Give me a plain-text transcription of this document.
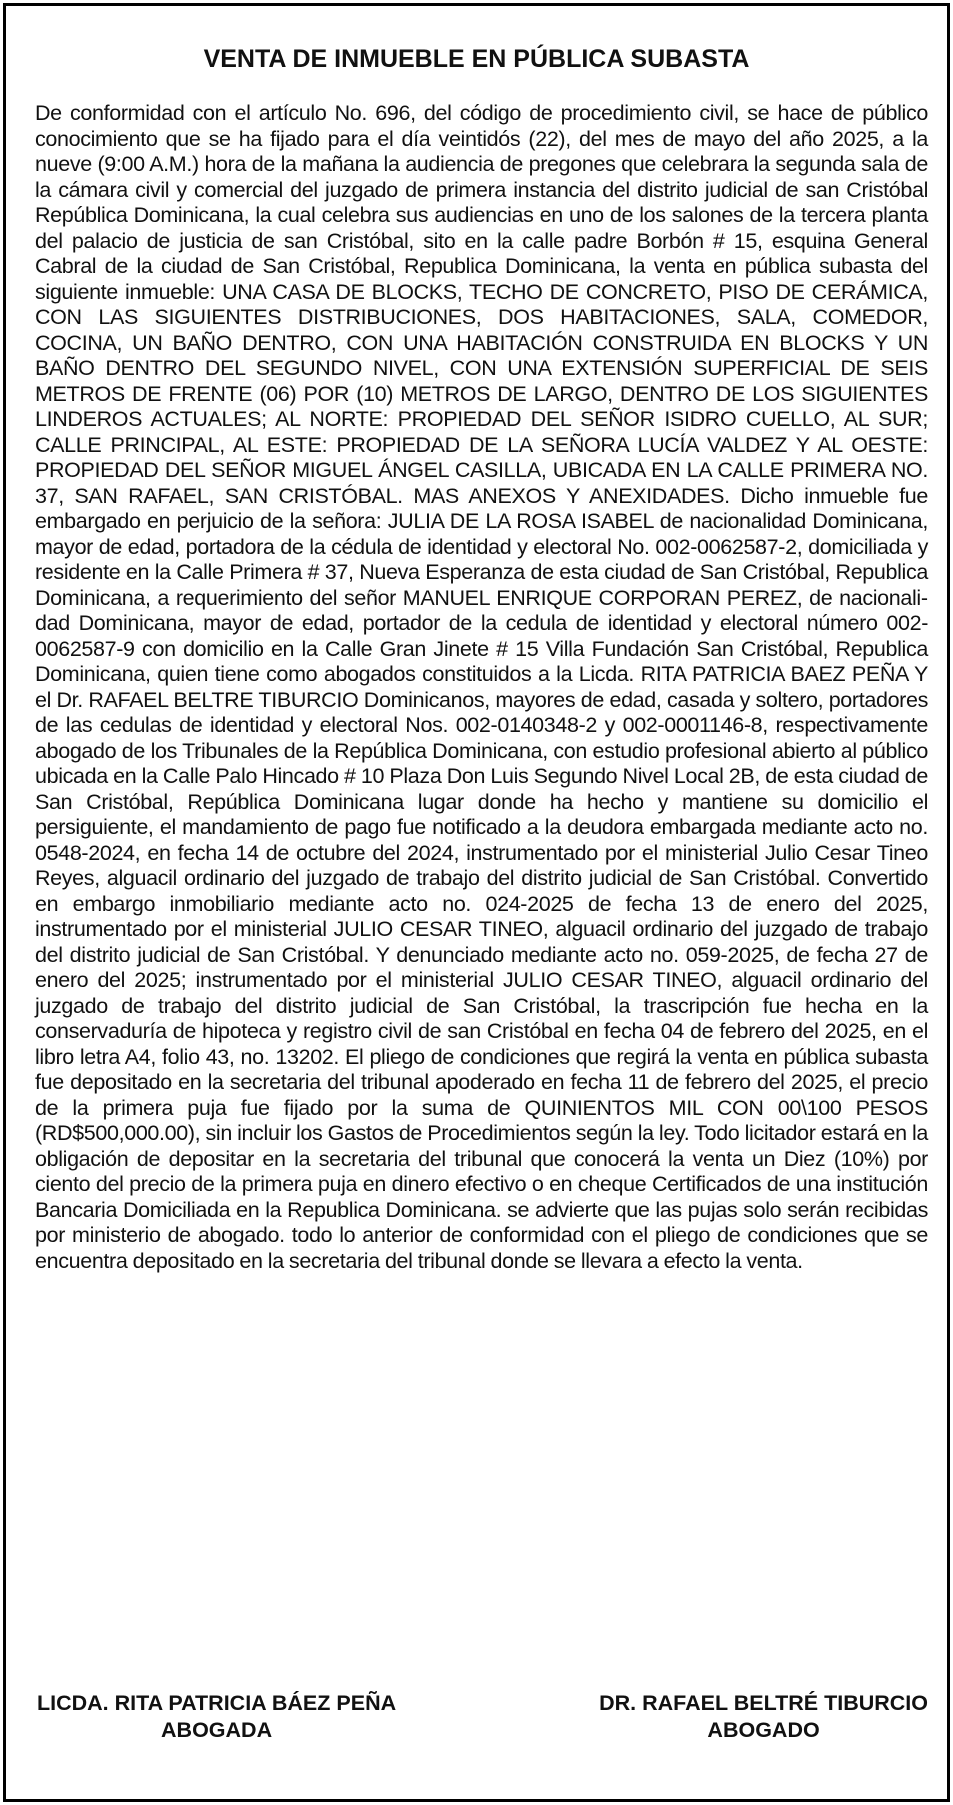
VENTA DE INMUEBLE EN PÚBLICA SUBASTA

De conformidad con el artículo No. 696, del código de procedimiento civil, se hace de público conocimiento que se ha fijado para el día veintidós (22), del mes de mayo del año 2025, a la nueve (9:00 A.M.) hora de la mañana la audiencia de pregones que celebrara la segunda sala de la cámara civil y comercial del juzgado de primera instancia del distrito judicial de san Cristóbal República Dominicana, la cual celebra sus audiencias en uno de los salones de la tercera planta del palacio de justicia de san Cristóbal, sito en la calle padre Borbón # 15, esquina General Cabral de la ciudad de San Cristóbal, Republica Dominicana, la venta en pública subasta del siguiente inmueble: UNA CASA DE BLOCKS, TECHO DE CONCRETO, PISO DE CERÁMICA, CON LAS SIGUIENTES DISTRIBUCIONES, DOS HABITACIONES, SALA, COMEDOR, COCINA, UN BAÑO DENTRO, CON UNA HABITACIÓN CONSTRUIDA EN BLOCKS Y UN BAÑO DENTRO DEL SEGUNDO NIVEL, CON UNA EXTENSIÓN SUPERFICIAL DE SEIS METROS DE FRENTE (06) POR (10) METROS DE LARGO, DENTRO DE LOS SIGUIENTES LINDEROS ACTUALES; AL NORTE: PROPIEDAD DEL SEÑOR ISIDRO CUELLO, AL SUR; CALLE PRINCIPAL, AL ESTE: PROPIEDAD DE LA SEÑORA LUCÍA VALDEZ Y AL OESTE: PROPIEDAD DEL SEÑOR MIGUEL ÁNGEL CASILLA, UBICADA EN LA CALLE PRIMERA NO. 37, SAN RAFAEL, SAN CRISTÓBAL. MAS ANEXOS Y ANEXIDADES. Dicho inmueble fue embargado en perjuicio de la señora: JULIA DE LA ROSA ISABEL de nacionalidad Dominicana, mayor de edad, portadora de la cédula de identidad y electoral No. 002-0062587-2, domiciliada y residente en la Calle Primera # 37, Nueva Esperanza de esta ciudad de San Cristóbal, Republica Dominicana, a requerimiento del señor MANUEL ENRIQUE CORPORAN PEREZ, de nacionalidad Dominicana, mayor de edad, portador de la cedula de identidad y electoral número 002-0062587-9 con domicilio en la Calle Gran Jinete # 15 Villa Fundación San Cristóbal, Republica Dominicana, quien tiene como abogados constituidos a la Licda. RITA PATRICIA BAEZ PEÑA Y el Dr. RAFAEL BELTRE TIBURCIO Dominicanos, mayores de edad, casada y soltero, portadores de las cedulas de identidad y electoral Nos. 002-0140348-2 y 002-0001146-8, respectivamente abogado de los Tribunales de la República Dominicana, con estudio profesional abierto al público ubicada en la Calle Palo Hincado # 10 Plaza Don Luis Segundo Nivel Local 2B, de esta ciudad de San Cristóbal, República Dominicana lugar donde ha hecho y mantiene su domicilio el persiguiente, el mandamiento de pago fue notificado a la deudora embargada mediante acto no. 0548-2024, en fecha 14 de octubre del 2024, instrumentado por el ministerial Julio Cesar Tineo Reyes, alguacil ordinario del juzgado de trabajo del distrito judicial de San Cristóbal. Convertido en embargo inmobiliario mediante acto no. 024-2025 de fecha 13 de enero del 2025, instrumentado por el ministerial JULIO CESAR TINEO, alguacil ordinario del juzgado de trabajo del distrito judicial de San Cristóbal. Y denunciado mediante acto no. 059-2025, de fecha 27 de enero del 2025; instrumentado por el ministerial JULIO CESAR TINEO, alguacil ordinario del juzgado de trabajo del distrito judicial de San Cristóbal, la trascripción fue hecha en la conservaduría de hipoteca y registro civil de san Cristóbal en fecha 04 de febrero del 2025, en el libro letra A4, folio 43, no. 13202. El pliego de condiciones que regirá la venta en pública subasta fue depositado en la secretaria del tribunal apoderado en fecha 11 de febrero del 2025, el precio de la primera puja fue fijado por la suma de QUINIENTOS MIL CON 00\100 PESOS (RD$500,000.00), sin incluir los Gastos de Procedimientos según la ley. Todo licitador estará en la obligación de depositar en la secretaria del tribunal que conocerá la venta un Diez (10%) por ciento del precio de la primera puja en dinero efectivo o en cheque Certificados de una institución Bancaria Domiciliada en la Republica Dominicana. se advierte que las pujas solo serán recibidas por ministerio de abogado. todo lo anterior de conformidad con el pliego de condiciones que se encuentra depositado en la secretaria del tribunal donde se llevara a efecto la venta.

LICDA. RITA PATRICIA BÁEZ PEÑA
ABOGADA
DR. RAFAEL BELTRÉ TIBURCIO
ABOGADO
